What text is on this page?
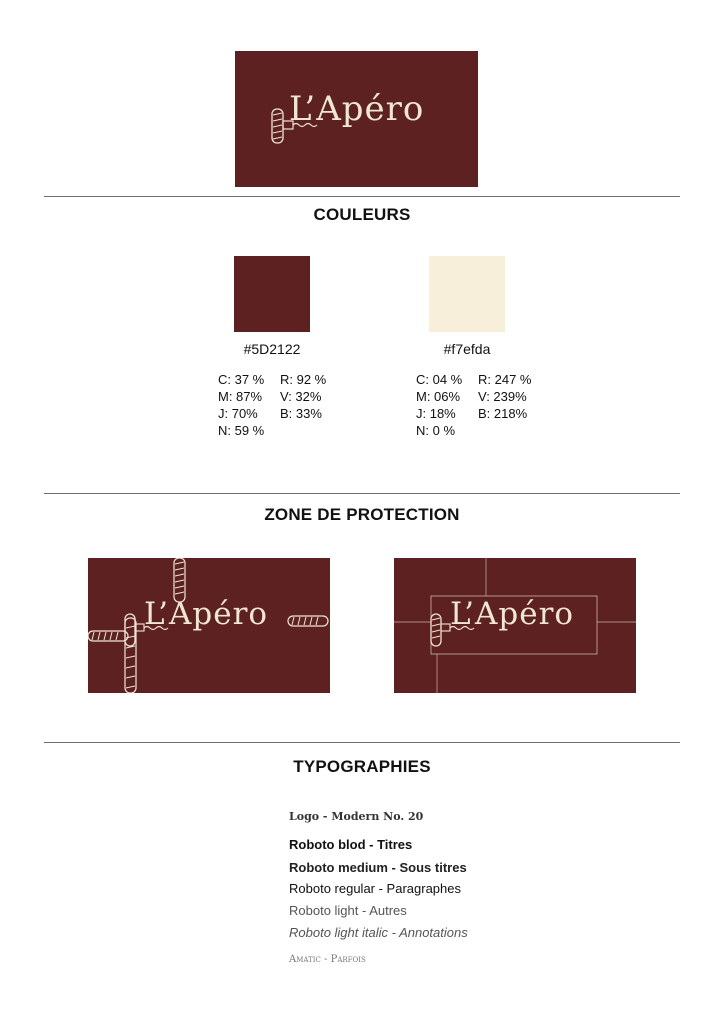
L’Apéro
COULEURS
#5D2122
C: 37 %
M: 87%
J: 70%
N: 59 %
R: 92 %
V: 32%
B: 33%
#f7efda
C: 04 %
M: 06%
J: 18%
N: 0 %
R: 247 %
V: 239%
B: 218%
ZONE DE PROTECTION
L’Apéro	L’Apéro
TYPOGRAPHIES
Logo - Modern No. 20
Roboto blod - Titres
Roboto medium - Sous titres
Roboto regular - Paragraphes
Roboto light - Autres
Roboto light italic - Annotations
Amatic - Parfois
